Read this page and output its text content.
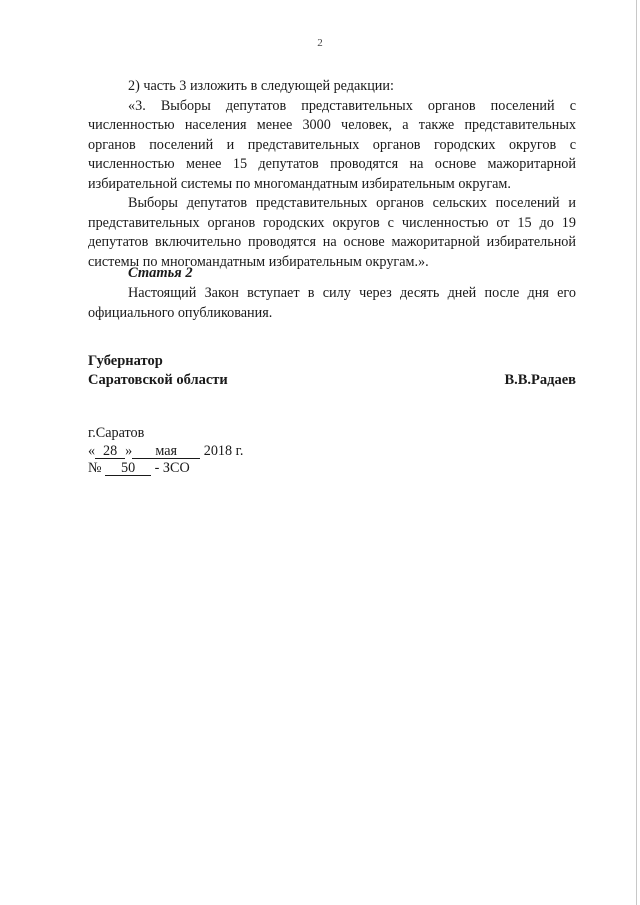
2

2) часть 3 изложить в следующей редакции:

«3. Выборы депутатов представительных органов поселений с численностью населения менее 3000 человек, а также представительных органов поселений и представительных органов городских округов с численностью менее 15 депутатов проводятся на основе мажоритарной избирательной системы по многомандатным избирательным округам.

Выборы депутатов представительных органов сельских поселений и представительных органов городских округов с численностью от 15 до 19 депутатов включительно проводятся на основе мажоритарной избирательной системы по многомандатным избирательным округам.».

Статья 2

Настоящий Закон вступает в силу через десять дней после дня его официального опубликования.

Губернатор
Саратовской области	В.В.Радаев
г.Саратов
« 28 » мая 2018 г.
№ 50 - ЗСО
